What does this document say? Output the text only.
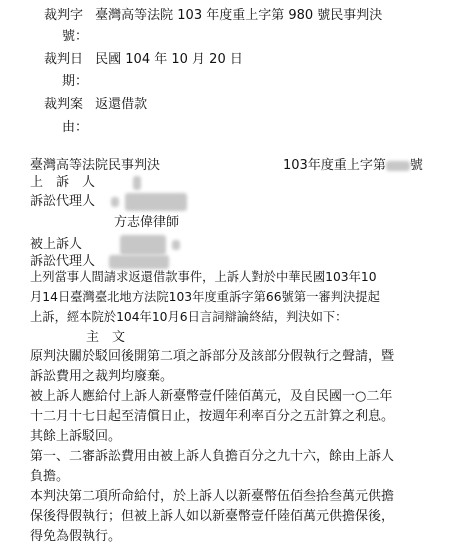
裁判字 臺灣高等法院 103 年度重上字第 980 號民事判決
號：
裁判日 民國 104 年 10 月 20 日
期：
裁判案 返還借款
由：
臺灣高等法院民事判決	103年度重上字第 號
上　訴　人
訴訟代理人
方志偉律師
被上訴人
訴訟代理人
上列當事人間請求返還借款事件，上訴人對於中華民國103年10
月14日臺灣臺北地方法院103年度重訴字第66號第一審判決提起
上訴，經本院於104年10月6日言詞辯論終結，判決如下：
主　文
原判決關於駁回後開第二項之訴部分及該部分假執行之聲請，暨
訴訟費用之裁判均廢棄。
被上訴人應給付上訴人新臺幣壹仟陸佰萬元，及自民國一○二年
十二月十七日起至清償日止，按週年利率百分之五計算之利息。
其餘上訴駁回。
第一、二審訴訟費用由被上訴人負擔百分之九十六，餘由上訴人
負擔。
本判決第二項所命給付，於上訴人以新臺幣伍佰叁拾叁萬元供擔
保後得假執行；但被上訴人如以新臺幣壹仟陸佰萬元供擔保後，
得免為假執行。
